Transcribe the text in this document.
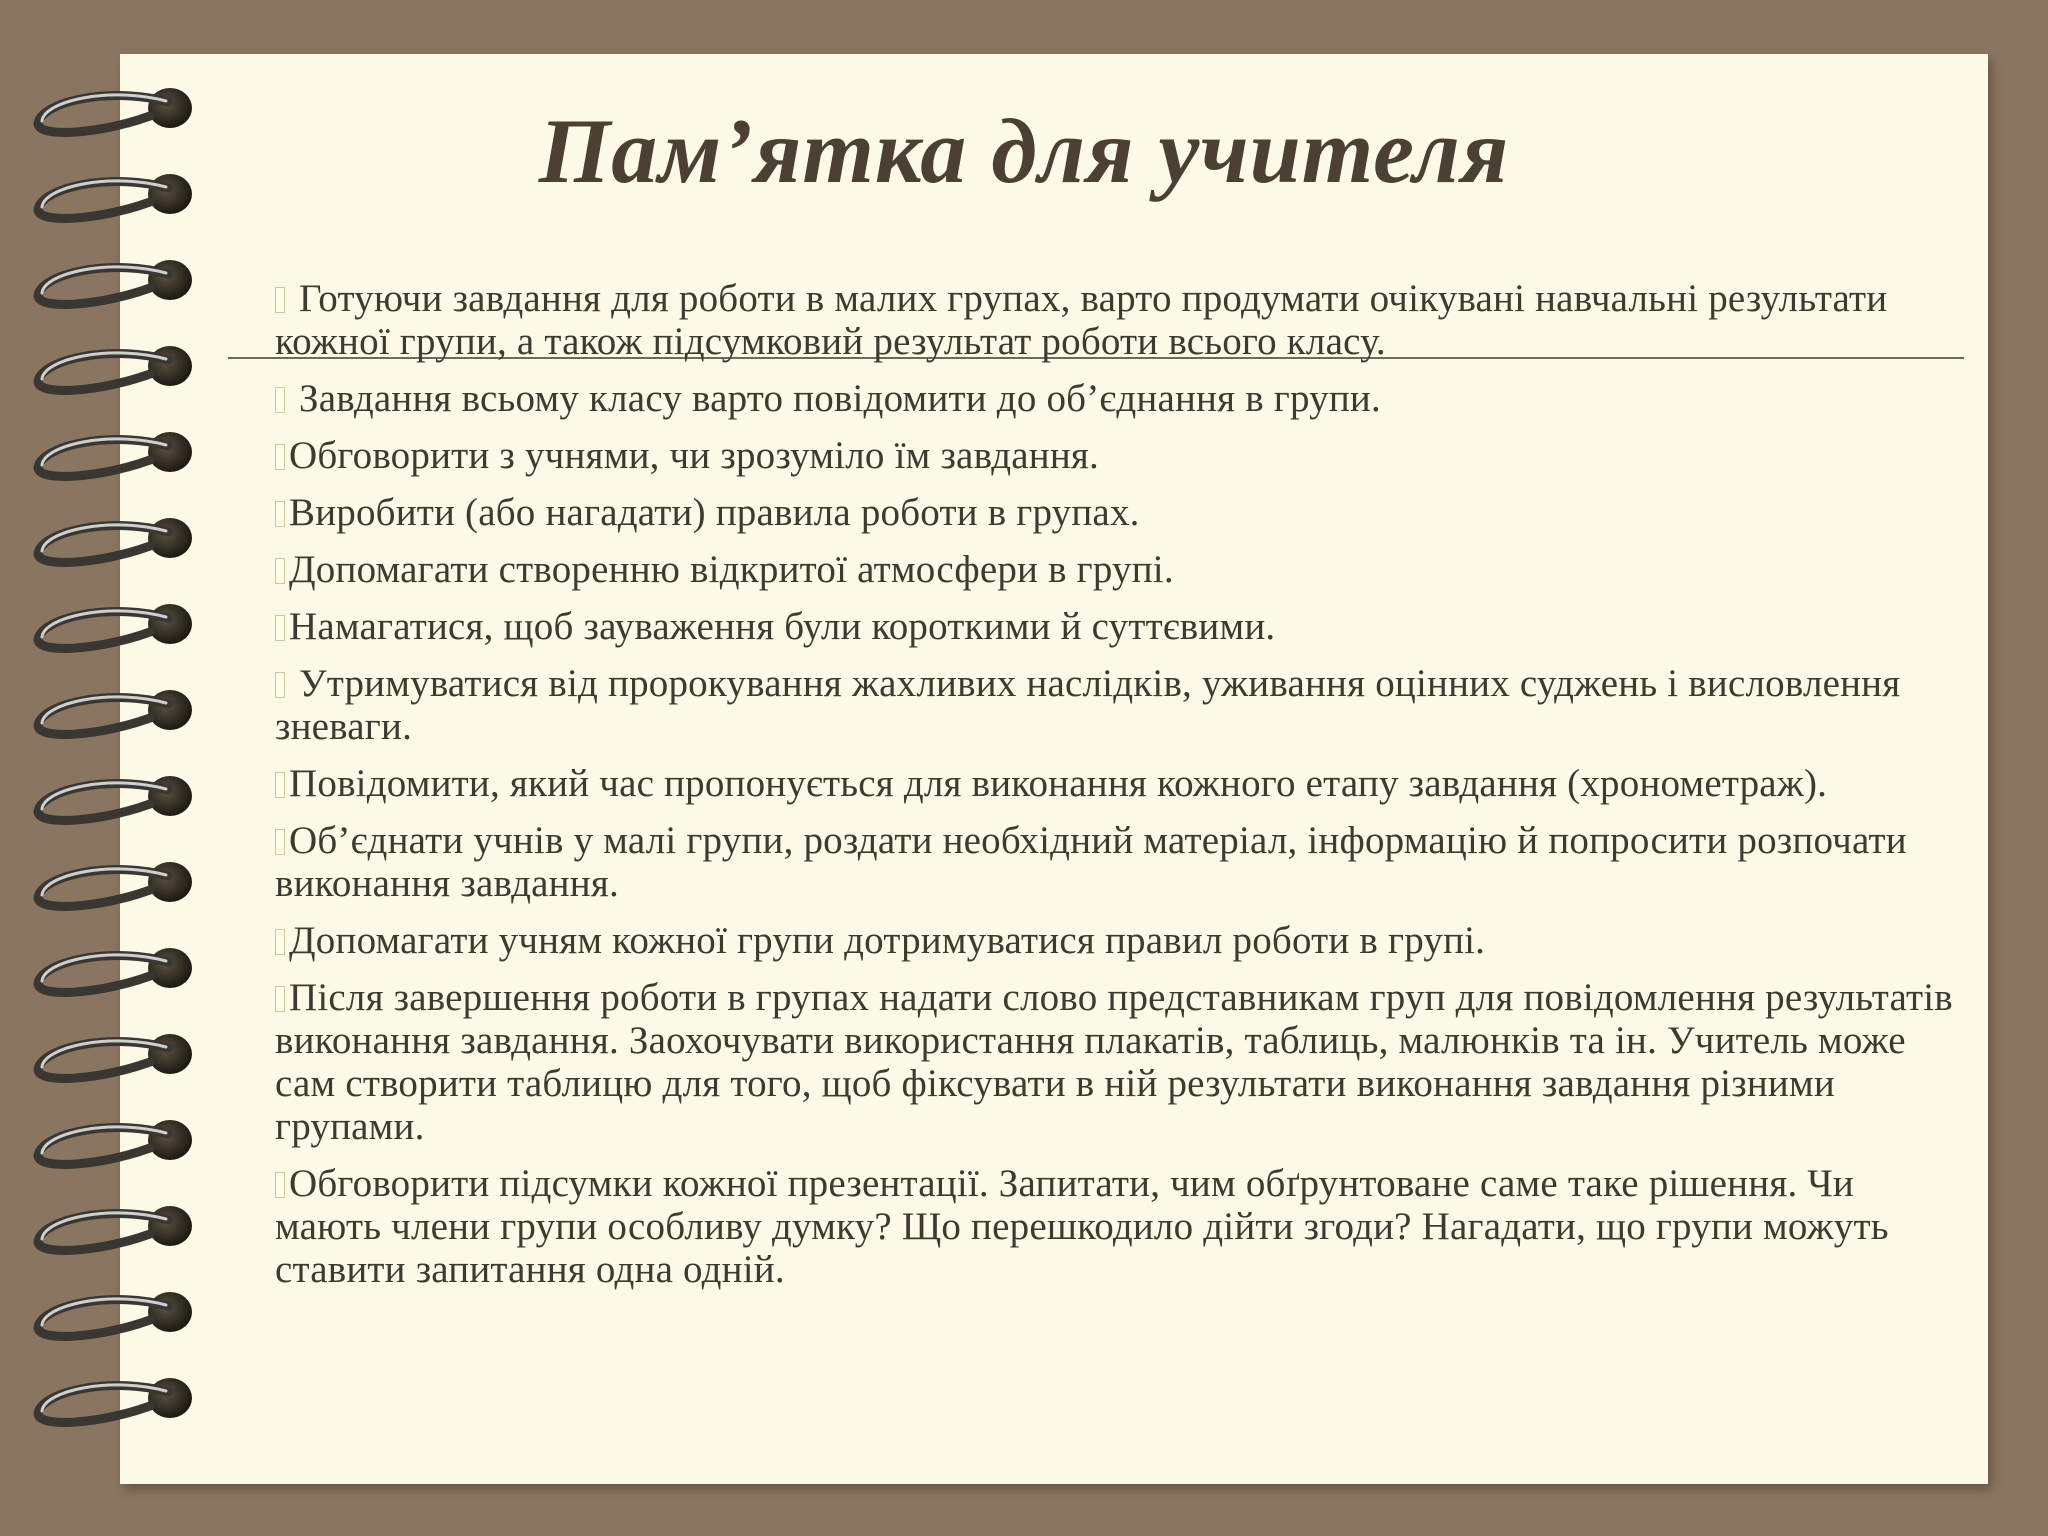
Пам’ятка для учителя

Готуючи завдання для роботи в малих групах, варто продумати очікувані навчальні результати кожної групи, а також підсумковий результат роботи всього класу.

Завдання всьому класу варто повідомити до об’єднання в групи.

Обговорити з учнями, чи зрозуміло їм завдання.

Виробити (або нагадати) правила роботи в групах.

Допомагати створенню відкритої атмосфери в групі.

Намагатися, щоб зауваження були короткими й суттєвими.

Утримуватися від пророкування жахливих наслідків, уживання оцінних суджень і висловлення зневаги.

Повідомити, який час пропонується для виконання кожного етапу завдання (хронометраж).

Об’єднати учнів у малі групи, роздати необхідний матеріал, інформацію й попросити розпочати виконання завдання.

Допомагати учням кожної групи дотримуватися правил роботи в групі.

Після завершення роботи в групах надати слово представникам груп для повідомлення результатів виконання завдання. Заохочувати використання плакатів, таблиць, малюнків та ін. Учитель може сам створити таблицю для того, щоб фіксувати в ній результати виконання завдання різними групами.

Обговорити підсумки кожної презентації. Запитати, чим обґрунтоване саме таке рішення. Чи мають члени групи особливу думку? Що перешкодило дійти згоди? Нагадати, що групи можуть ставити запитання одна одній.
